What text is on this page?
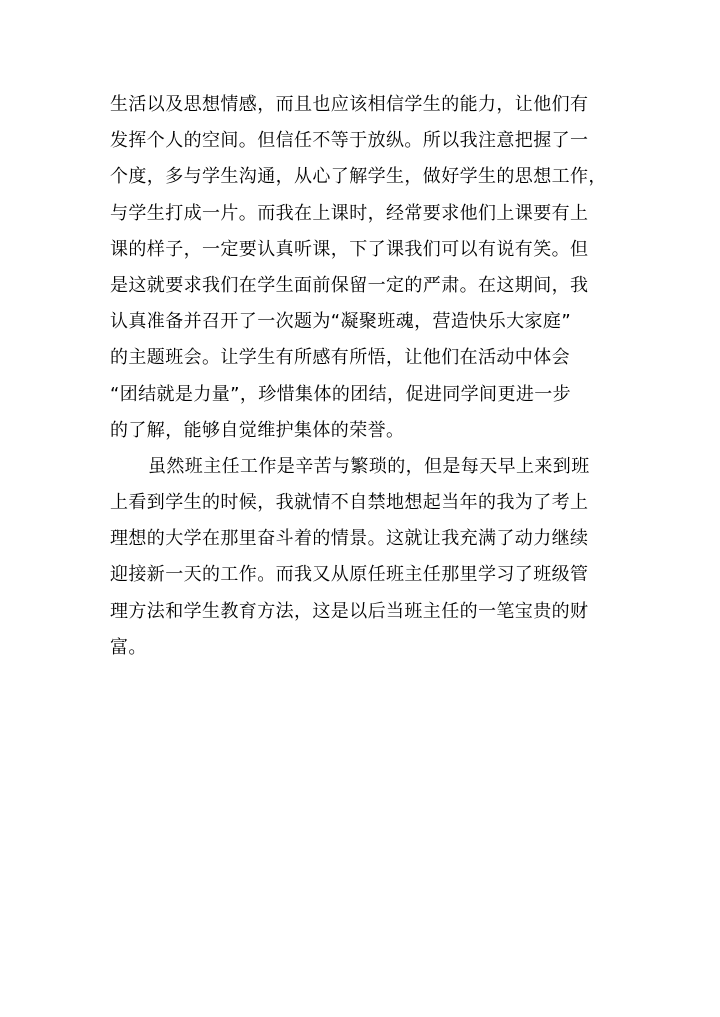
生活以及思想情感，而且也应该相信学生的能力，让他们有
发挥个人的空间。但信任不等于放纵。所以我注意把握了一
个度，多与学生沟通，从心了解学生，做好学生的思想工作，
与学生打成一片。而我在上课时，经常要求他们上课要有上
课的样子，一定要认真听课，下了课我们可以有说有笑。但
是这就要求我们在学生面前保留一定的严肃。在这期间，我
认真准备并召开了一次题为“凝聚班魂，营造快乐大家庭”
的主题班会。让学生有所感有所悟，让他们在活动中体会
“团结就是力量”，珍惜集体的团结，促进同学间更进一步
的了解，能够自觉维护集体的荣誉。
虽然班主任工作是辛苦与繁琐的，但是每天早上来到班
上看到学生的时候，我就情不自禁地想起当年的我为了考上
理想的大学在那里奋斗着的情景。这就让我充满了动力继续
迎接新一天的工作。而我又从原任班主任那里学习了班级管
理方法和学生教育方法，这是以后当班主任的一笔宝贵的财
富。
